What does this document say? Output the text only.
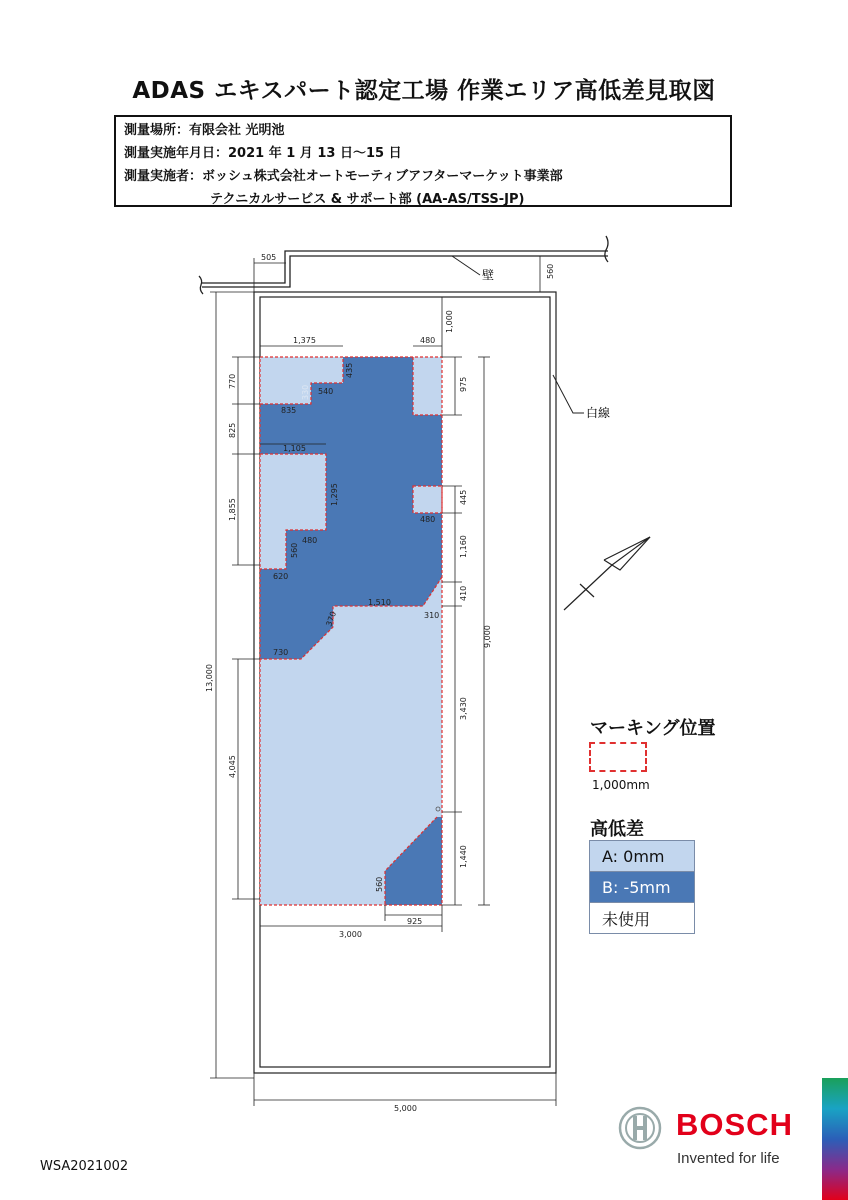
ADAS エキスパート認定工場 作業エリア高低差見取図
測量場所：有限会社 光明池
測量実施年月日：2021 年 1 月 13 日～15 日
測量実施者：ボッシュ株式会社オートモーティブアフターマーケット事業部
テクニカルサービス & サポート部 (AA-AS/TSS-JP)
壁
白線
505
560
1,000
1,375	480
770
330 540
435
975
835
825
1,105
1,295	445
480
1,855
560
480	1,160
620
410
1,510
370	310
9,000
730
13,000
3,430
4,045
1,440
560
925
3,000
5,000
マーキング位置
1,000mm
高低差
A: 0mm
B: -5mm
未使用
BOSCH
Invented for life
WSA2021002
